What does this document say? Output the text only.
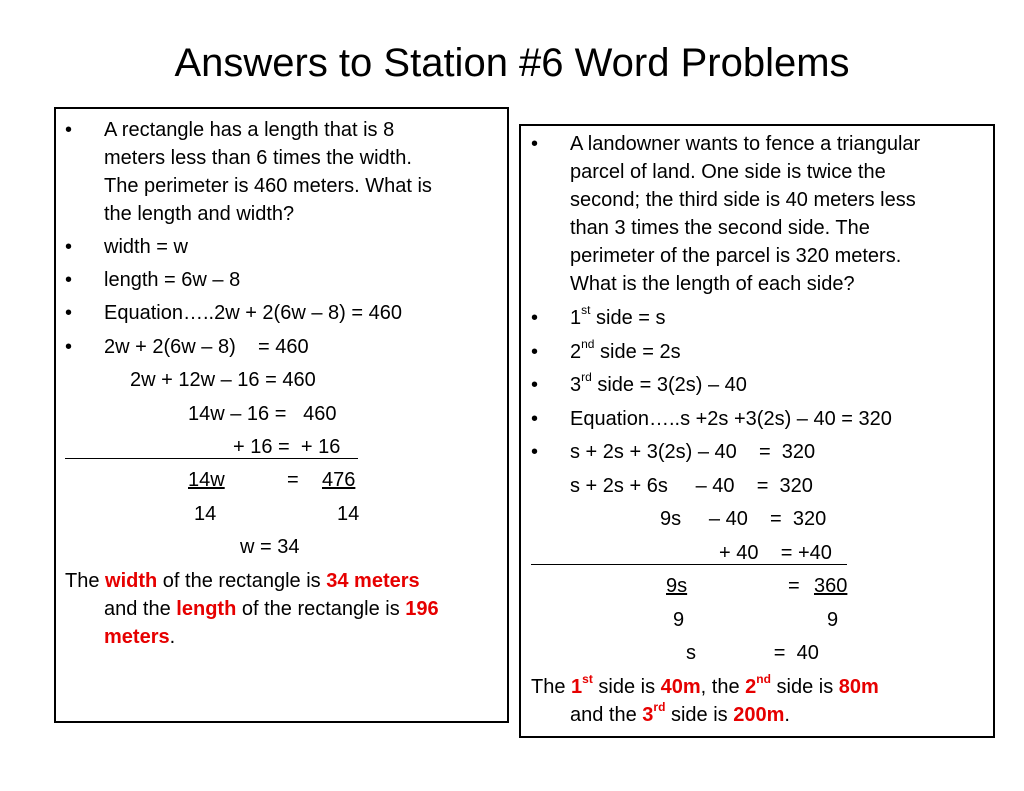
Answers to Station #6 Word Problems
• A rectangle has a length that is 8
meters less than 6 times the width.
The perimeter is 460 meters. What is
the length and width?
• width = w
• length = 6w – 8
• Equation…..2w + 2(6w – 8) = 460
• 2w + 2(6w – 8)    = 460
2w + 12w – 16 = 460
14w – 16 =   460
+ 16 =  + 16
14w	= 476
14	14
w = 34
The width of the rectangle is 34 meters
and the length of the rectangle is 196
meters.
• A landowner wants to fence a triangular
parcel of land. One side is twice the
second; the third side is 40 meters less
than 3 times the second side. The
perimeter of the parcel is 320 meters.
What is the length of each side?
• 1st side = s
• 2nd side = 2s
• 3rd side = 3(2s) – 40
• Equation…..s +2s +3(2s) – 40 = 320
• s + 2s + 3(2s) – 40    =  320
s + 2s + 6s     – 40    =  320
9s     – 40    =  320
+ 40    = +40
9s	= 360
9	9
s              =  40
The 1st side is 40m, the 2nd side is 80m
and the 3rd side is 200m.
